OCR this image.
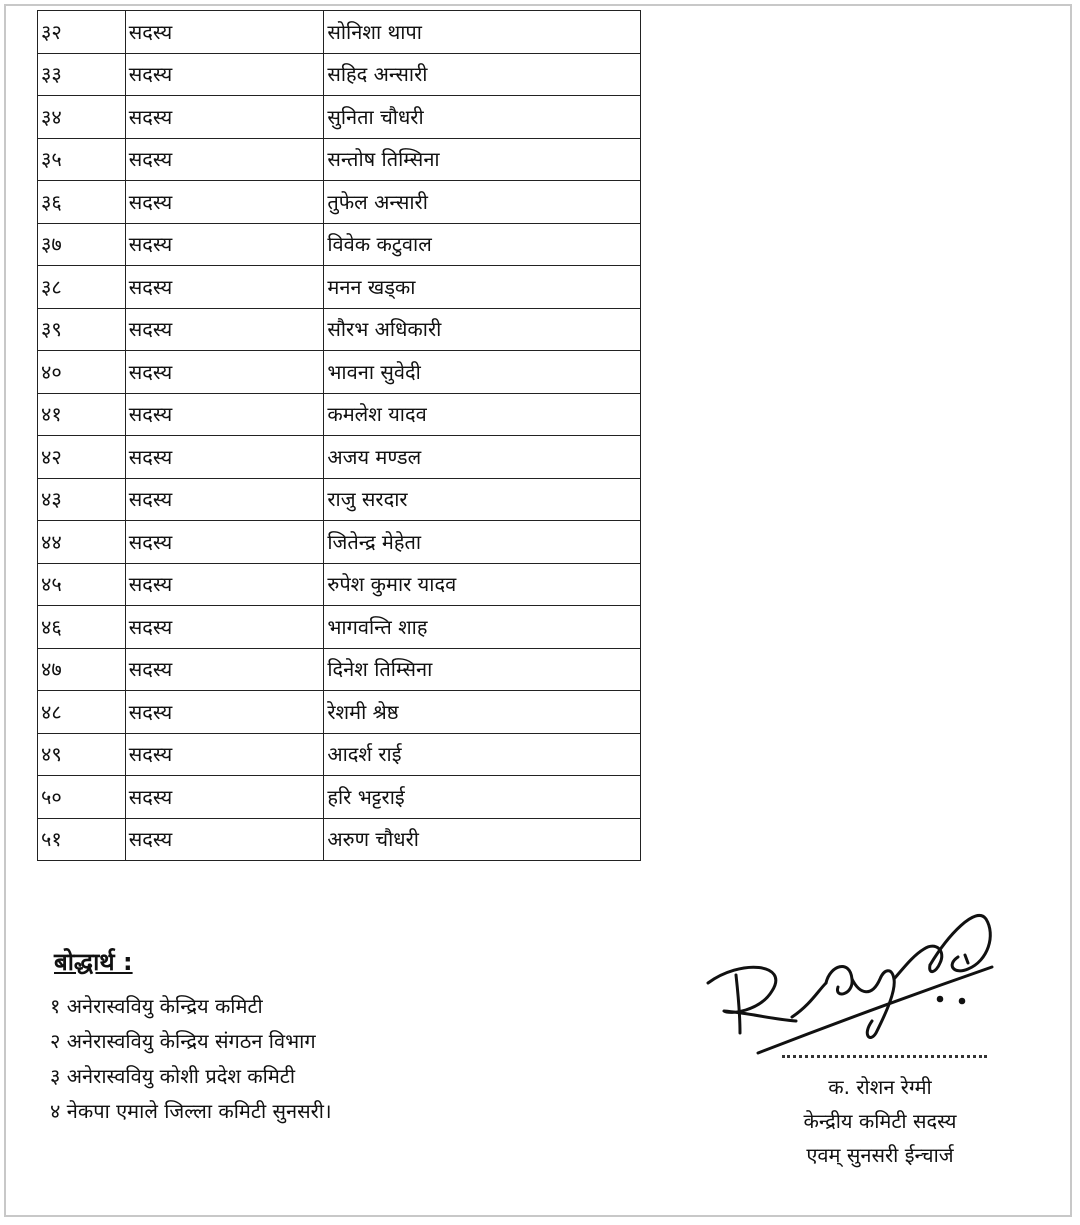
३२	सदस्य	सोनिशा थापा
३३	सदस्य	सहिद अन्सारी
३४	सदस्य	सुनिता चौधरी
३५	सदस्य	सन्तोष तिम्सिना
३६	सदस्य	तुफेल अन्सारी
३७	सदस्य	विवेक कटुवाल
३८	सदस्य	मनन खड्का
३९	सदस्य	सौरभ अधिकारी
४०	सदस्य	भावना सुवेदी
४१	सदस्य	कमलेश यादव
४२	सदस्य	अजय मण्डल
४३	सदस्य	राजु सरदार
४४	सदस्य	जितेन्द्र मेहेता
४५	सदस्य	रुपेश कुमार यादव
४६	सदस्य	भागवन्ति शाह
४७	सदस्य	दिनेश तिम्सिना
४८	सदस्य	रेशमी श्रेष्ठ
४९	सदस्य	आदर्श राई
५०	सदस्य	हरि भट्टराई
५१	सदस्य	अरुण चौधरी
बोद्धार्थ :
१ अनेरास्ववियु केन्द्रिय कमिटी
२ अनेरास्ववियु केन्द्रिय संगठन विभाग
३ अनेरास्ववियु कोशी प्रदेश कमिटी
४ नेकपा एमाले जिल्ला कमिटी सुनसरी।
क. रोशन रेग्मी
केन्द्रीय कमिटी सदस्य
एवम् सुनसरी ईन्चार्ज
